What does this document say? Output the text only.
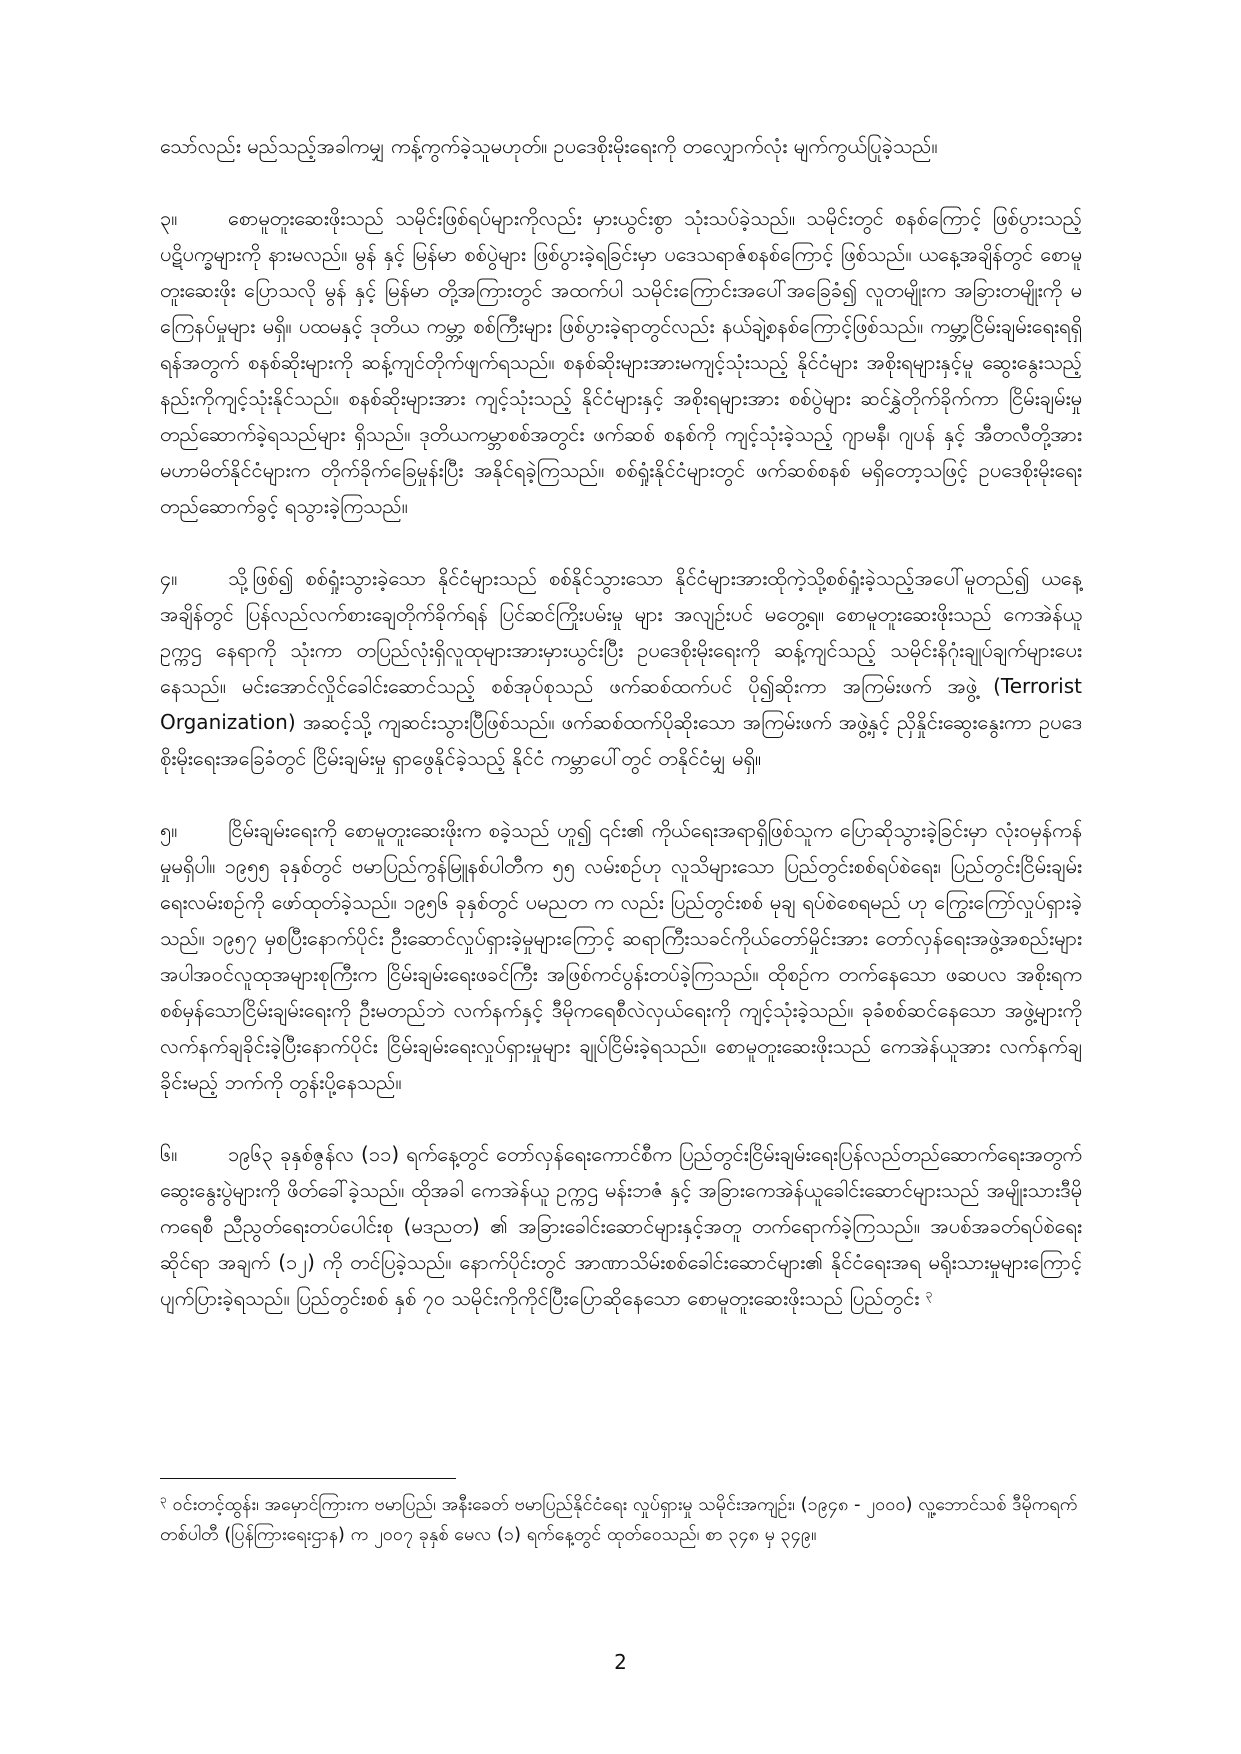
သော်လည်း မည်သည့်အခါကမျှ ကန့်ကွက်ခဲ့သူမဟုတ်။ ဥပဒေစိုးမိုးရေးကို တလျှောက်လုံး မျက်ကွယ်ပြုခဲ့သည်။

၃။	စောမူတူးဆေးဖိုးသည် သမိုင်းဖြစ်ရပ်များကိုလည်း မှားယွင်းစွာ သုံးသပ်ခဲ့သည်။ သမိုင်းတွင် စနစ်ကြောင့် ဖြစ်ပွားသည့် ပဋိပက္ခများကို နားမလည်။ မွန် နှင့် မြန်မာ စစ်ပွဲများ ဖြစ်ပွားခဲ့ရခြင်းမှာ ပဒေသရာဇ်စနစ်ကြောင့် ဖြစ်သည်။ ယနေ့အချိန်တွင် စောမူတူးဆေးဖိုး ပြောသလို မွန် နှင့် မြန်မာ တို့အကြားတွင် အထက်ပါ သမိုင်းကြောင်းအပေါ်အခြေခံ၍ လူတမျိုးက အခြားတမျိုးကို မကြေနပ်မှုများ မရှိ။ ပထမနှင့် ဒုတိယ ကမ္ဘာ့ စစ်ကြီးများ ဖြစ်ပွားခဲ့ရာတွင်လည်း နယ်ချဲ့စနစ်ကြောင့်ဖြစ်သည်။ ကမ္ဘာ့ငြိမ်းချမ်းရေးရရှိရန်အတွက် စနစ်ဆိုးများကို ဆန့်ကျင်တိုက်ဖျက်ရသည်။ စနစ်ဆိုးများအားမကျင့်သုံးသည့် နိုင်ငံများ အစိုးရများနှင့်မူ ဆွေးနွေးသည့် နည်းကိုကျင့်သုံးနိုင်သည်။ စနစ်ဆိုးများအား ကျင့်သုံးသည့် နိုင်ငံများနှင့် အစိုးရများအား စစ်ပွဲများ ဆင်နွှဲတိုက်ခိုက်ကာ ငြိမ်းချမ်းမှု တည်ဆောက်ခဲ့ရသည်များ ရှိသည်။ ဒုတိယကမ္ဘာစစ်အတွင်း ဖက်ဆစ် စနစ်ကို ကျင့်သုံးခဲ့သည့် ဂျာမနီ၊ ဂျပန် နှင့် အီတလီတို့အား မဟာမိတ်နိုင်ငံများက တိုက်ခိုက်ခြေမှုန်းပြီး အနိုင်ရခဲ့ကြသည်။ စစ်ရှုံးနိုင်ငံများတွင် ဖက်ဆစ်စနစ် မရှိတော့သဖြင့် ဥပဒေစိုးမိုးရေး တည်ဆောက်ခွင့် ရသွားခဲ့ကြသည်။

၄။	သို့ဖြစ်၍ စစ်ရှုံးသွားခဲ့သော နိုင်ငံများသည် စစ်နိုင်သွားသော နိုင်ငံများအားထိုကဲ့သို့စစ်ရှုံးခဲ့သည့်အပေါ်မူတည်၍ ယနေ့အချိန်တွင် ပြန်လည်လက်စားချေတိုက်ခိုက်ရန် ပြင်ဆင်ကြိုးပမ်းမှု များ အလျဉ်းပင် မတွေ့ရ။ စောမူတူးဆေးဖိုးသည် ကေအဲန်ယူဥက္ကဌ နေရာကို သုံးကာ တပြည်လုံးရှိလူထုများအားမှားယွင်းပြီး ဥပဒေစိုးမိုးရေးကို ဆန့်ကျင်သည့် သမိုင်းနိဂုံးချုပ်ချက်များပေးနေသည်။ မင်းအောင်လှိုင်ခေါင်းဆောင်သည့် စစ်အုပ်စုသည် ဖက်ဆစ်ထက်ပင် ပို၍ဆိုးကာ အကြမ်းဖက် အဖွဲ့ (Terrorist Organization) အဆင့်သို့ ကျဆင်းသွားပြီဖြစ်သည်။ ဖက်ဆစ်ထက်ပိုဆိုးသော အကြမ်းဖက် အဖွဲ့နှင့် ညှိနှိုင်းဆွေးနွေးကာ ဥပဒေစိုးမိုးရေးအခြေခံတွင် ငြိမ်းချမ်းမှု ရှာဖွေနိုင်ခဲ့သည့် နိုင်ငံ ကမ္ဘာပေါ်တွင် တနိုင်ငံမျှ မရှိ။

၅။	ငြိမ်းချမ်းရေးကို စောမူတူးဆေးဖိုးက စခဲ့သည် ဟူ၍ ၎င်း၏ ကိုယ်ရေးအရာရှိဖြစ်သူက ပြောဆိုသွားခဲ့ခြင်းမှာ လုံးဝမှန်ကန်မှုမရှိပါ။ ၁၉၅၅ ခုနှစ်တွင် ဗမာပြည်ကွန်မြူနစ်ပါတီက ၅၅ လမ်းစဉ်ဟု လူသိများသော ပြည်တွင်းစစ်ရပ်စဲရေး၊ ပြည်တွင်းငြိမ်းချမ်းရေးလမ်းစဉ်ကို ဖော်ထုတ်ခဲ့သည်။ ၁၉၅၆ ခုနှစ်တွင် ပမညတ က လည်း ပြည်တွင်းစစ် မုချ ရပ်စဲစေရမည် ဟု ကြွေးကြော်လှုပ်ရှားခဲ့သည်။ ၁၉၅၇ မှစပြီးနောက်ပိုင်း ဦးဆောင်လှုပ်ရှားခဲ့မှုများကြောင့် ဆရာကြီးသခင်ကိုယ်တော်မှိုင်းအား တော်လှန်ရေးအဖွဲ့အစည်းများ အပါအဝင်လူထုအများစုကြီးက ငြိမ်းချမ်းရေးဖခင်ကြီး အဖြစ်ကင်ပွန်းတပ်ခဲ့ကြသည်။ ထိုစဉ်က တက်နေသော ဖဆပလ အစိုးရက စစ်မှန်သောငြိမ်းချမ်းရေးကို ဦးမတည်ဘဲ လက်နက်နှင့် ဒီမိုကရေစီလဲလှယ်ရေးကို ကျင့်သုံးခဲ့သည်။ ခုခံစစ်ဆင်နေသော အဖွဲ့များကို လက်နက်ချခိုင်းခဲ့ပြီးနောက်ပိုင်း ငြိမ်းချမ်းရေးလှုပ်ရှားမှုများ ချုပ်ငြိမ်းခဲ့ရသည်။ စောမူတူးဆေးဖိုးသည် ကေအဲန်ယူအား လက်နက်ချခိုင်းမည့် ဘက်ကို တွန်းပို့နေသည်။

၆။	၁၉၆၃ ခုနှစ်ဇွန်လ (၁၁) ရက်နေ့တွင် တော်လှန်ရေးကောင်စီက ပြည်တွင်းငြိမ်းချမ်းရေးပြန်လည်တည်ဆောက်ရေးအတွက် ဆွေးနွေးပွဲများကို ဖိတ်ခေါ်ခဲ့သည်။ ထိုအခါ ကေအဲန်ယူ ဥက္ကဌ မန်းဘဇံ နှင့် အခြားကေအဲန်ယူခေါင်းဆောင်များသည် အမျိုးသားဒီမိုကရေစီ ညီညွတ်ရေးတပ်ပေါင်းစု (မဒညတ) ၏ အခြားခေါင်းဆောင်များနှင့်အတူ တက်ရောက်ခဲ့ကြသည်။ အပစ်အခတ်ရပ်စဲရေးဆိုင်ရာ အချက် (၁၂) ကို တင်ပြခဲ့သည်။ နောက်ပိုင်းတွင် အာဏာသိမ်းစစ်ခေါင်းဆောင်များ၏ နိုင်ငံရေးအရ မရိုးသားမှုများကြောင့် ပျက်ပြားခဲ့ရသည်။ ပြည်တွင်းစစ် နှစ် ၇၀ သမိုင်းကိုကိုင်ပြီးပြောဆိုနေသော စောမူတူးဆေးဖိုးသည် ပြည်တွင်း $^၃$

$^၃$ ဝင်းတင့်ထွန်း၊ အမှောင်ကြားက ဗမာပြည်၊ အနီးခေတ် ဗမာပြည်နိုင်ငံရေး လှုပ်ရှားမှု သမိုင်းအကျဉ်း၊ (၁၉၄၈ - ၂၀၀၀) လူ့ဘောင်သစ် ဒီမိုကရက်တစ်ပါတီ (ပြန်ကြားရေးဌာန) က ၂၀၀၇ ခုနှစ် မေလ (၁) ရက်နေ့တွင် ထုတ်ဝေသည်၊ စာ ၃၄၈ မှ ၃၄၉။
2
